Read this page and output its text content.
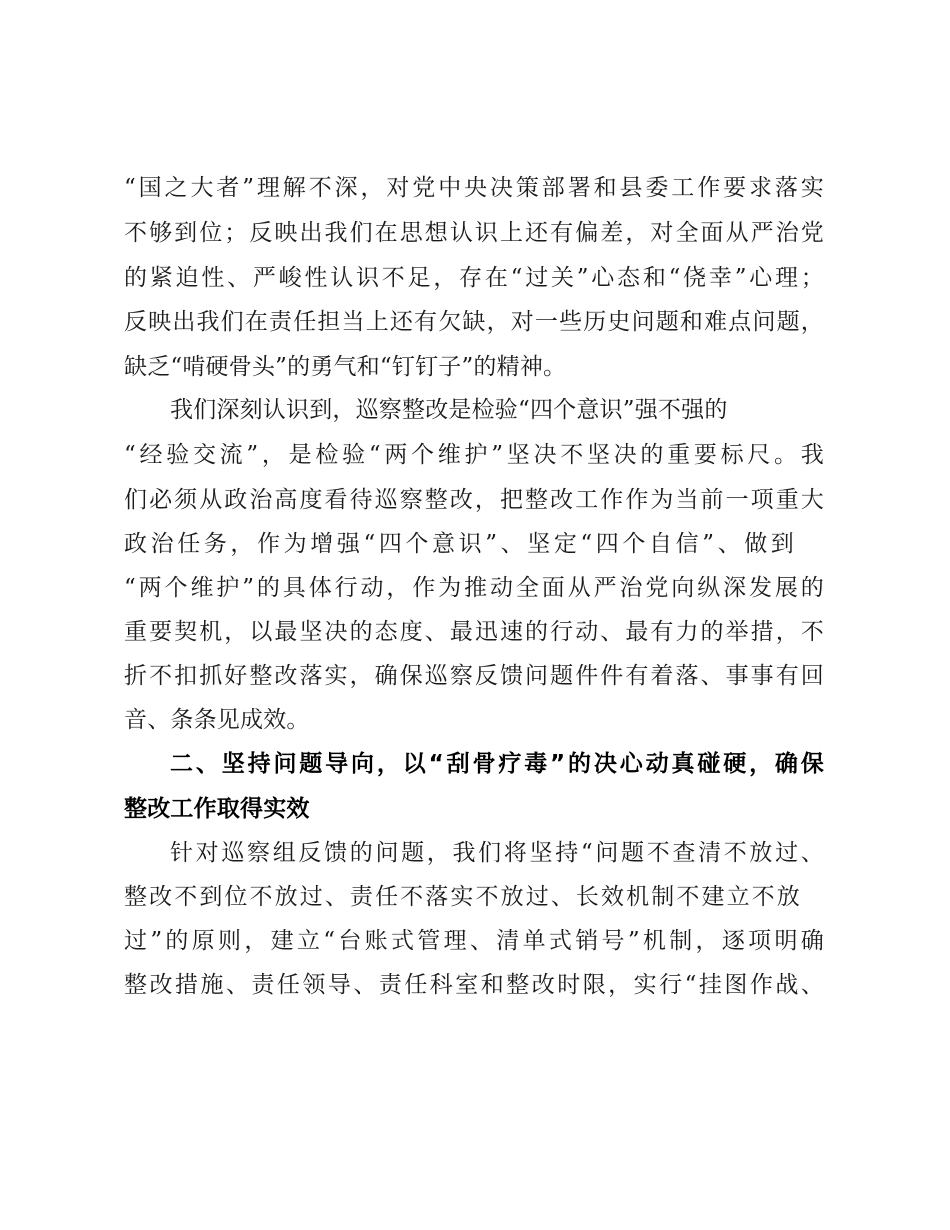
“国之大者”理解不深，对党中央决策部署和县委工作要求落实
不够到位；反映出我们在思想认识上还有偏差，对全面从严治党
的紧迫性、严峻性认识不足，存在“过关”心态和“侥幸”心理；
反映出我们在责任担当上还有欠缺，对一些历史问题和难点问题，
缺乏“啃硬骨头”的勇气和“钉钉子”的精神。
我们深刻认识到，巡察整改是检验“四个意识”强不强的
“经验交流”，是检验“两个维护”坚决不坚决的重要标尺。我
们必须从政治高度看待巡察整改，把整改工作作为当前一项重大
政治任务，作为增强“四个意识”、坚定“四个自信”、做到
“两个维护”的具体行动，作为推动全面从严治党向纵深发展的
重要契机，以最坚决的态度、最迅速的行动、最有力的举措，不
折不扣抓好整改落实，确保巡察反馈问题件件有着落、事事有回
音、条条见成效。
二、坚持问题导向，以“刮骨疗毒”的决心动真碰硬，确保
整改工作取得实效
针对巡察组反馈的问题，我们将坚持“问题不查清不放过、
整改不到位不放过、责任不落实不放过、长效机制不建立不放
过”的原则，建立“台账式管理、清单式销号”机制，逐项明确
整改措施、责任领导、责任科室和整改时限，实行“挂图作战、
